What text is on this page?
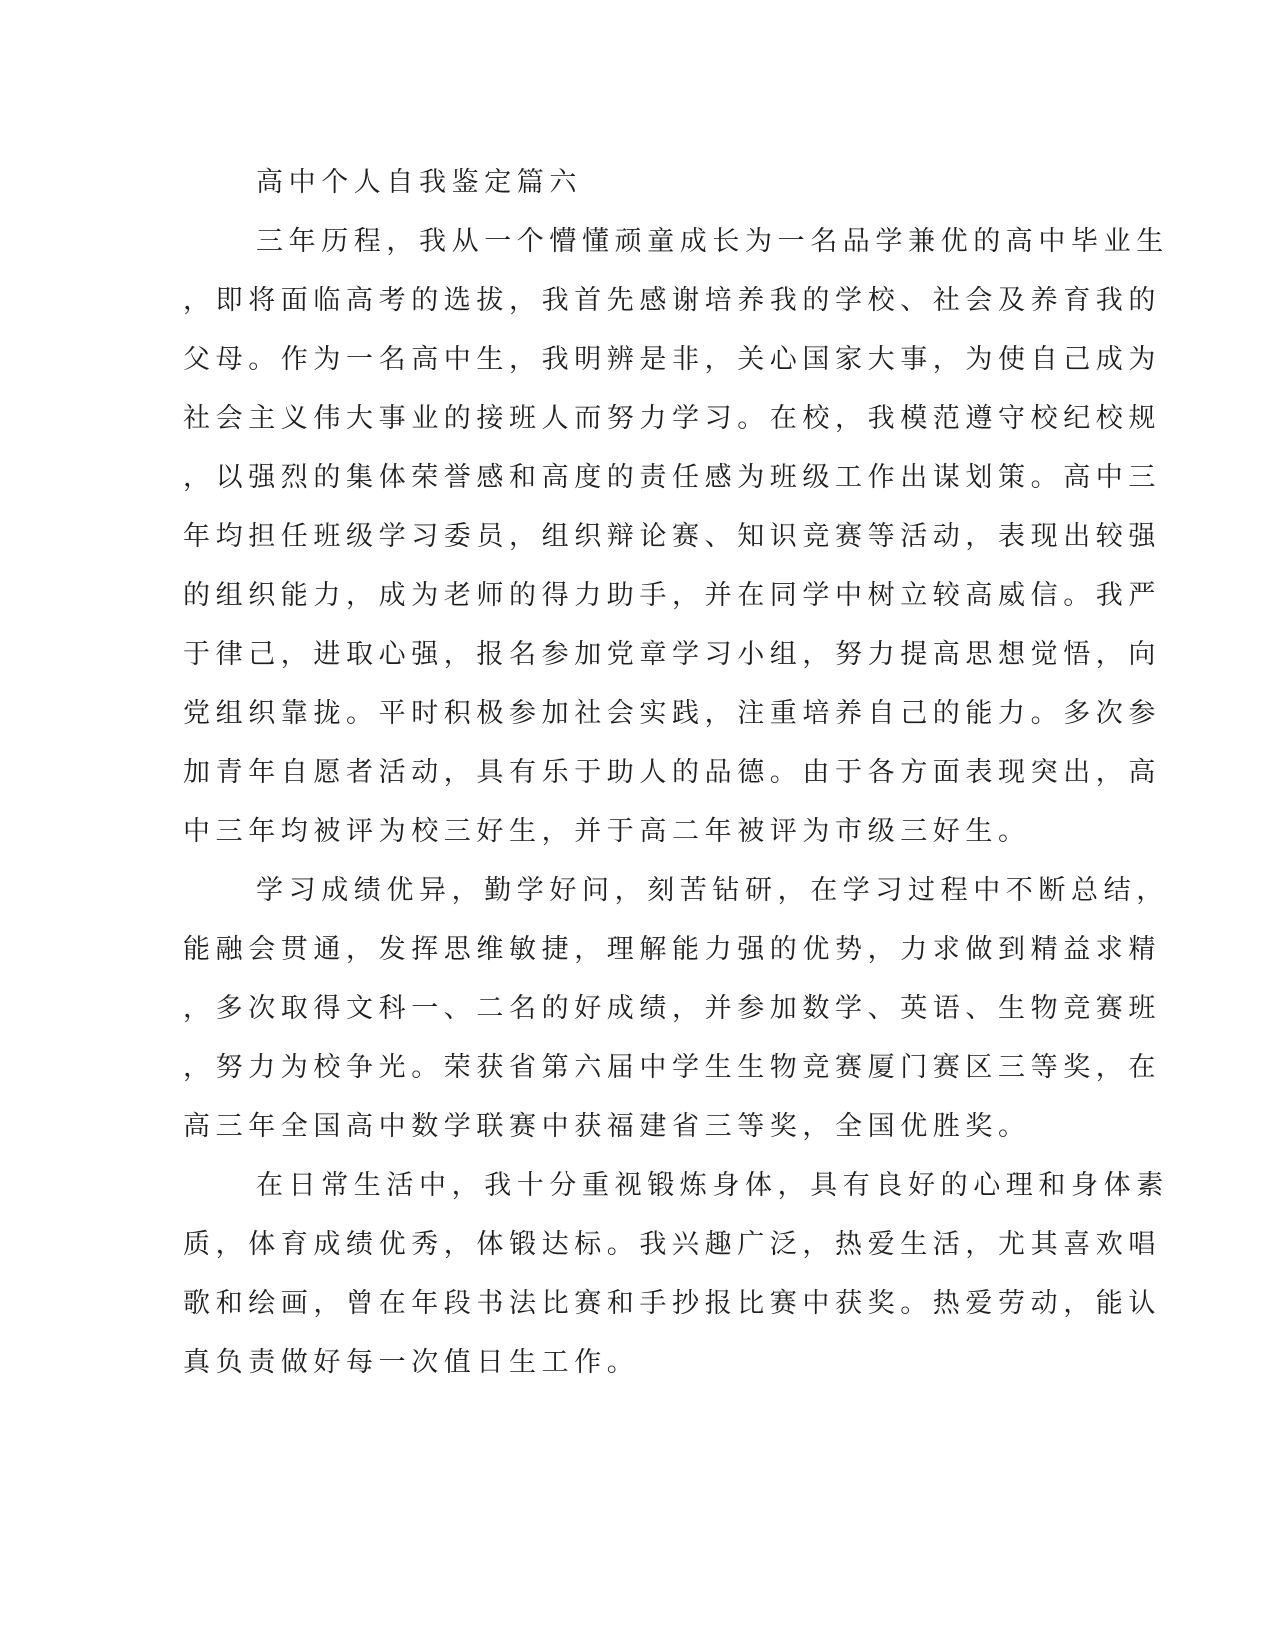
高中个人自我鉴定篇六
三年历程，我从一个懵懂顽童成长为一名品学兼优的高中毕业生
，即将面临高考的选拔，我首先感谢培养我的学校、社会及养育我的
父母。作为一名高中生，我明辨是非，关心国家大事，为使自己成为
社会主义伟大事业的接班人而努力学习。在校，我模范遵守校纪校规
，以强烈的集体荣誉感和高度的责任感为班级工作出谋划策。高中三
年均担任班级学习委员，组织辩论赛、知识竞赛等活动，表现出较强
的组织能力，成为老师的得力助手，并在同学中树立较高威信。我严
于律己，进取心强，报名参加党章学习小组，努力提高思想觉悟，向
党组织靠拢。平时积极参加社会实践，注重培养自己的能力。多次参
加青年自愿者活动，具有乐于助人的品德。由于各方面表现突出，高
中三年均被评为校三好生，并于高二年被评为市级三好生。
学习成绩优异，勤学好问，刻苦钻研，在学习过程中不断总结，
能融会贯通，发挥思维敏捷，理解能力强的优势，力求做到精益求精
，多次取得文科一、二名的好成绩，并参加数学、英语、生物竞赛班
，努力为校争光。荣获省第六届中学生生物竞赛厦门赛区三等奖，在
高三年全国高中数学联赛中获福建省三等奖，全国优胜奖。
在日常生活中，我十分重视锻炼身体，具有良好的心理和身体素
质，体育成绩优秀，体锻达标。我兴趣广泛，热爱生活，尤其喜欢唱
歌和绘画，曾在年段书法比赛和手抄报比赛中获奖。热爱劳动，能认
真负责做好每一次值日生工作。
